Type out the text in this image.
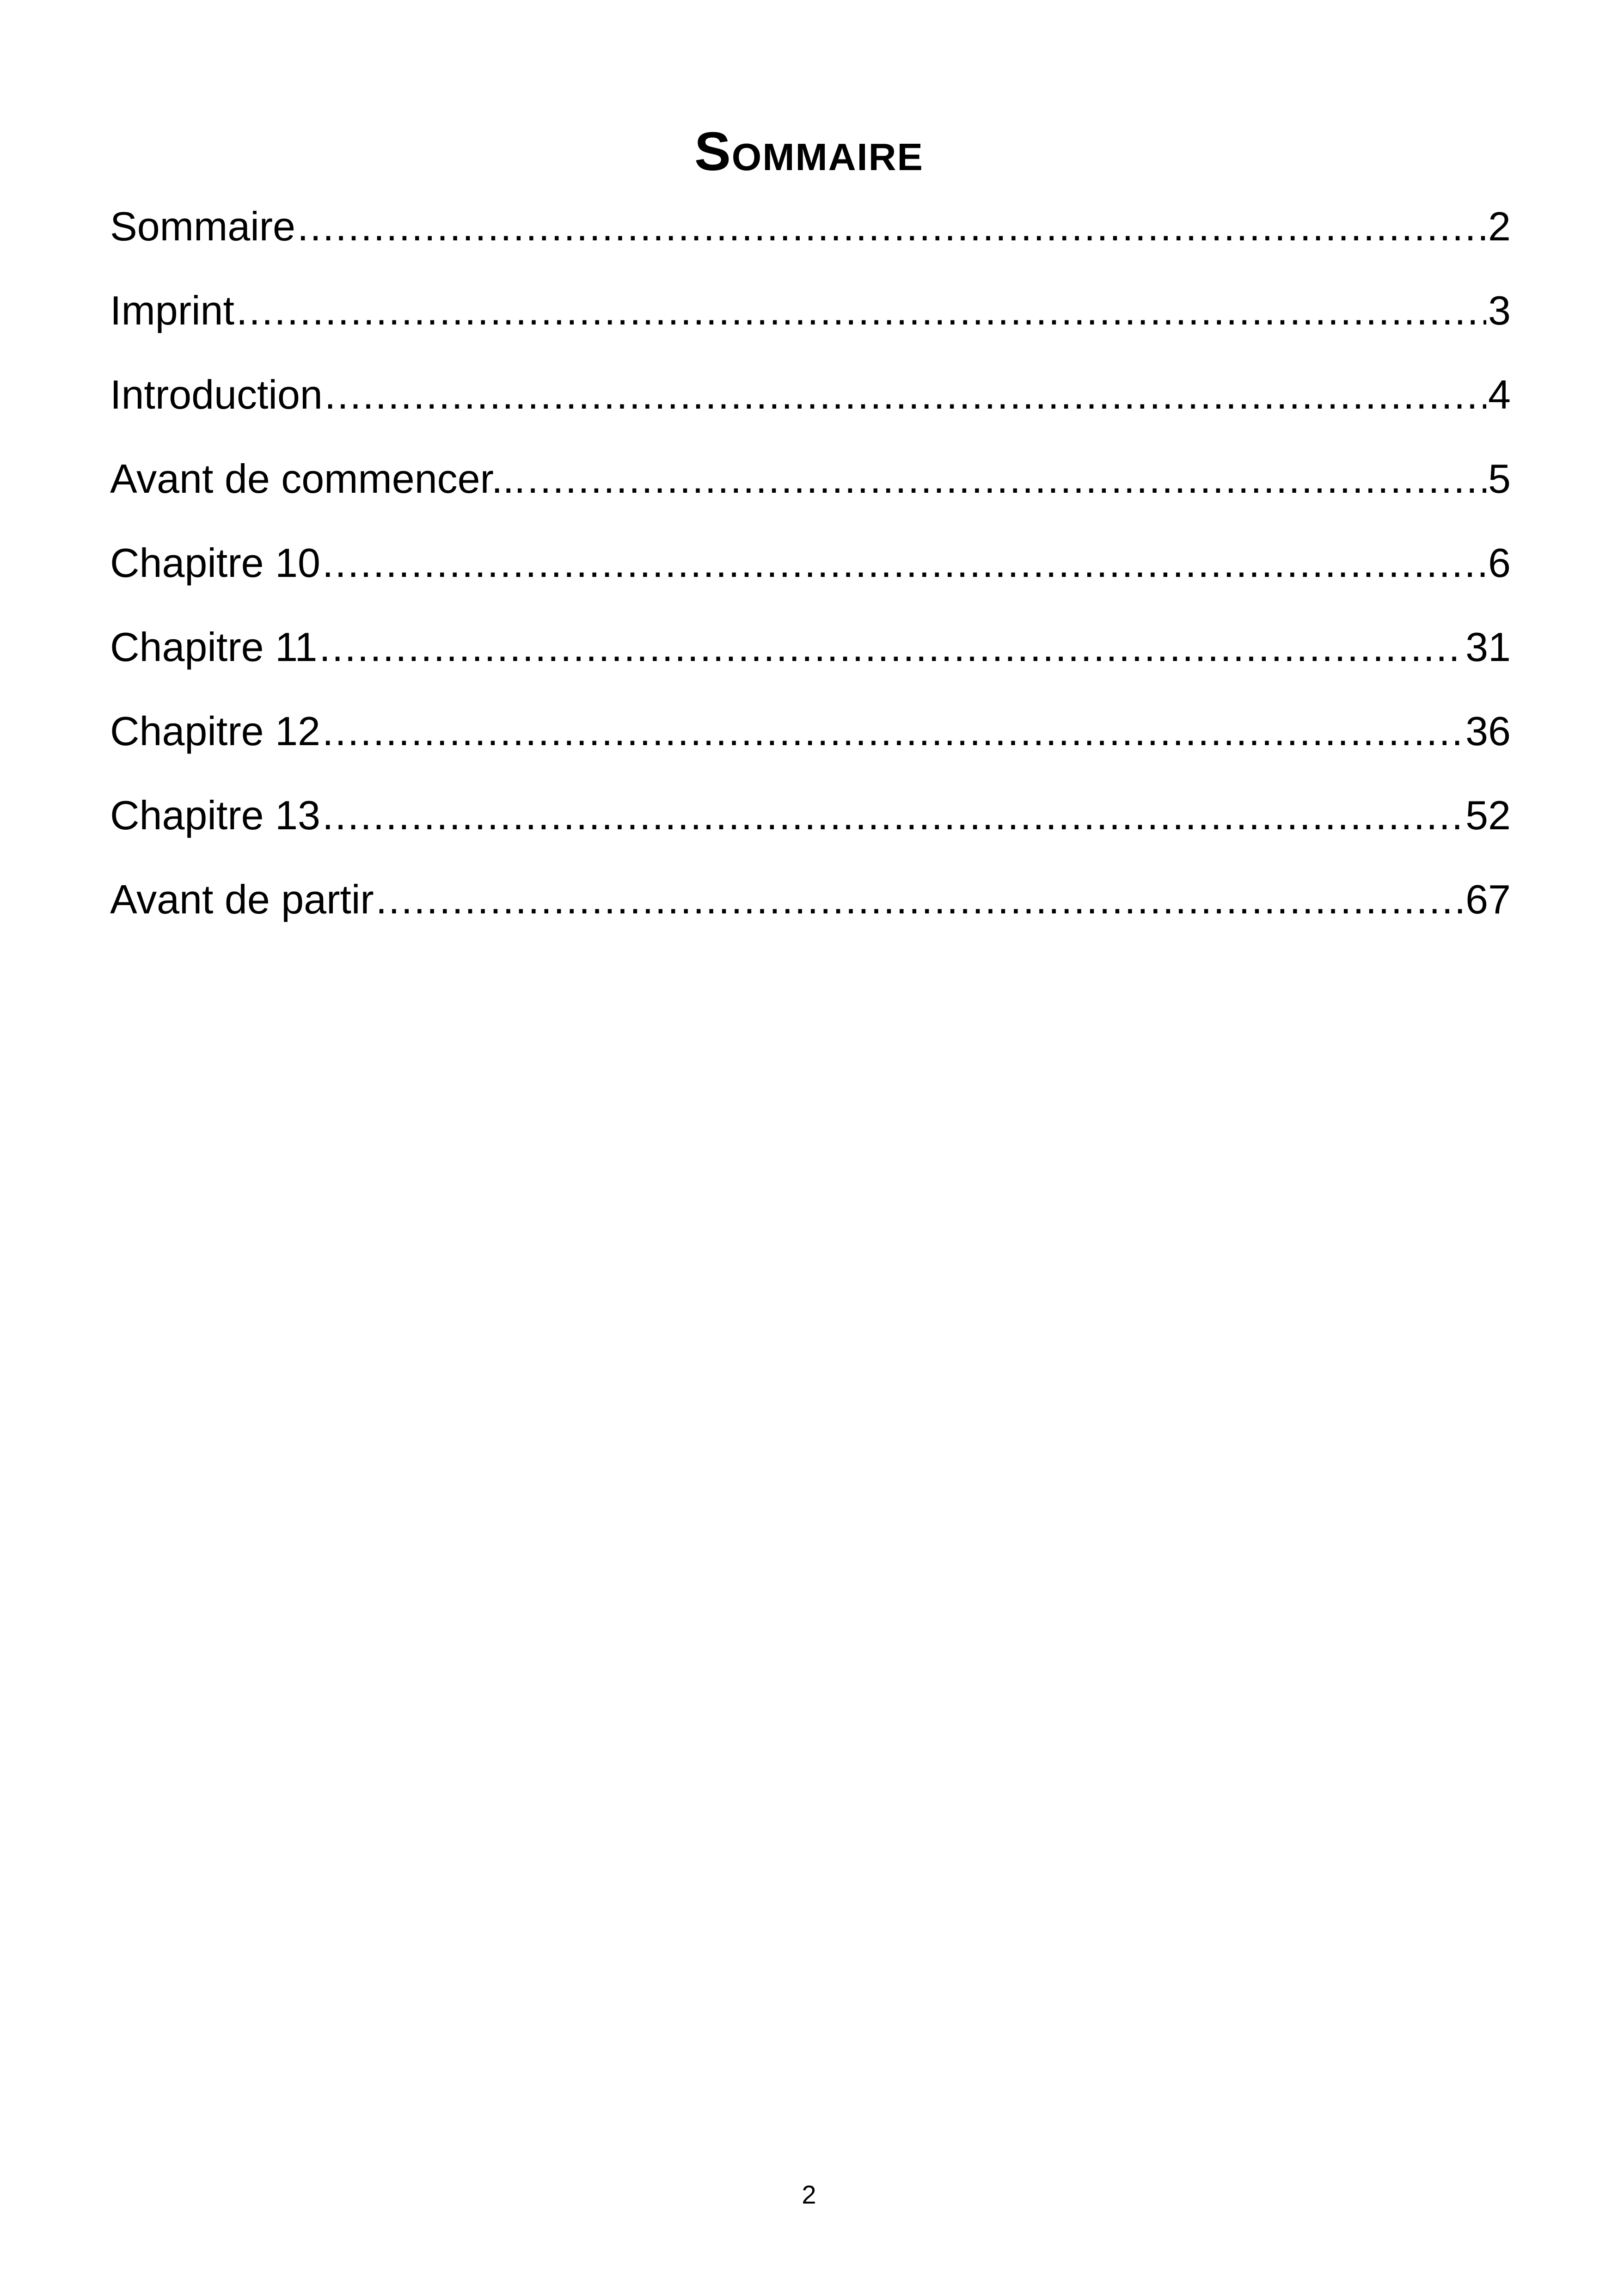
Sommaire
Sommaire .....	2
Imprint .....	3
Introduction .....	4
Avant de commencer... .....	5
Chapitre 10 .....	6
Chapitre 11 .....	31
Chapitre 12 .....	36
Chapitre 13 .....	52
Avant de partir .....	67
2
